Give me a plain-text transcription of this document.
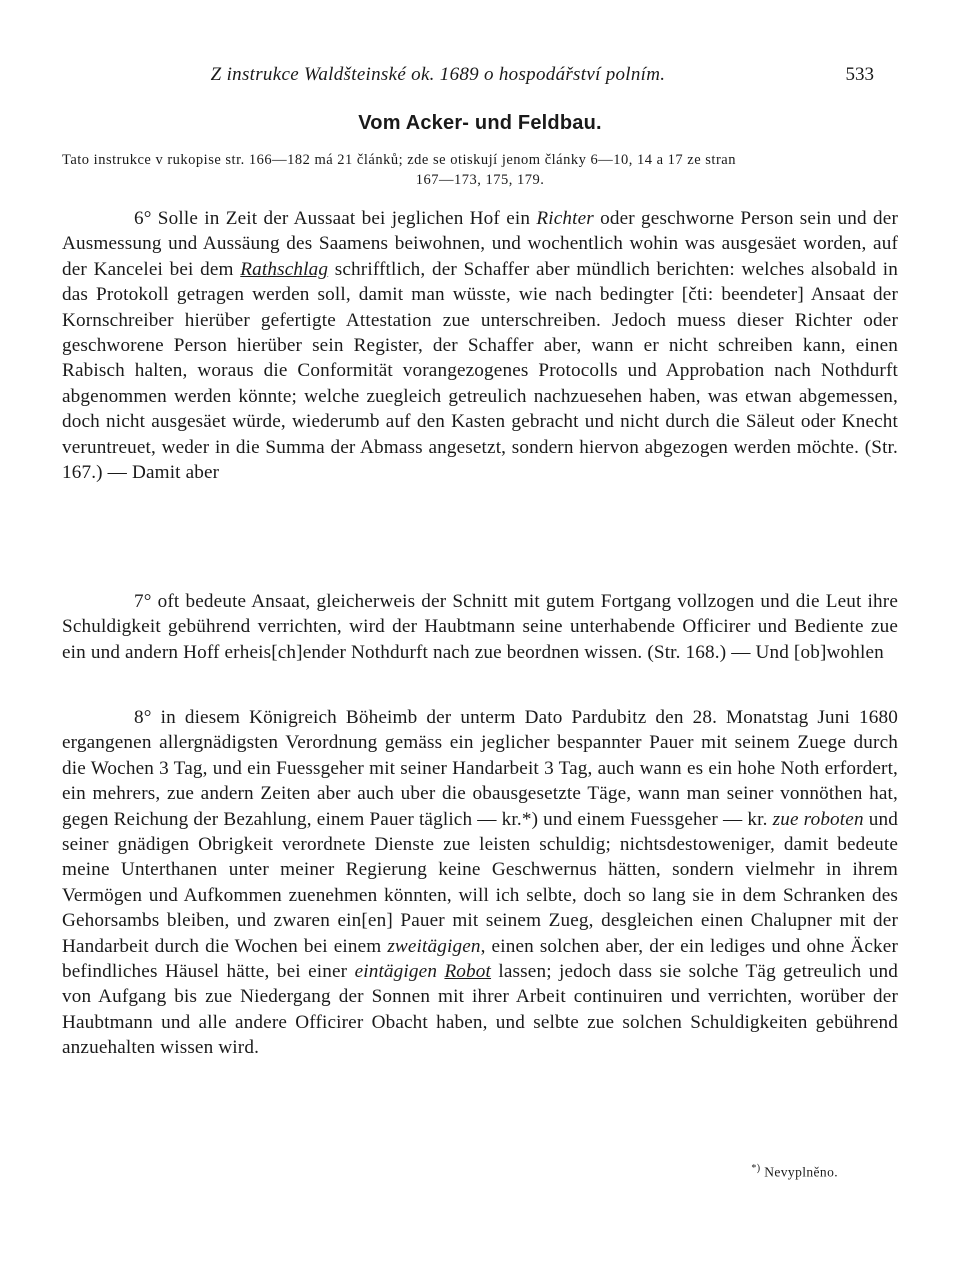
Z instrukce Waldšteinské ok. 1689 o hospodářství polním.	533
Vom Acker- und Feldbau.
Tato instrukce v rukopise str. 166—182 má 21 článků; zde se otiskují jenom články 6—10, 14 a 17 ze stran
167—173, 175, 179.

6° Solle in Zeit der Aussaat bei jeglichen Hof ein Richter oder geschworne Person sein und der Ausmessung und Aussäung des Saamens beiwohnen, und wochentlich wohin was ausgesäet worden, auf der Kancelei bei dem Rathschlag schrifftlich, der Schaffer aber mündlich berichten: welches alsobald in das Protokoll getragen werden soll, damit man wüsste, wie nach bedingter [čti: beendeter] Ansaat der Kornschreiber hierüber gefertigte Attestation zue unterschreiben. Jedoch muess dieser Richter oder geschworene Person hierüber sein Register, der Schaffer aber, wann er nicht schreiben kann, einen Rabisch halten, woraus die Conformität vorangezogenes Protocolls und Approbation nach Nothdurft abgenommen werden könnte; welche zuegleich getreulich nachzuesehen haben, was etwan abgemessen, doch nicht ausgesäet würde, wiederumb auf den Kasten gebracht und nicht durch die Säleut oder Knecht veruntreuet, weder in die Summa der Abmass angesetzt, sondern hiervon abgezogen werden möchte. (Str. 167.) — Damit aber

7° oft bedeute Ansaat, gleicherweis der Schnitt mit gutem Fortgang vollzogen und die Leut ihre Schuldigkeit gebührend verrichten, wird der Haubtmann seine unterhabende Officirer und Bediente zue ein und andern Hoff erheis[ch]ender Nothdurft nach zue beordnen wissen. (Str. 168.) — Und [ob]wohlen

8° in diesem Königreich Böheimb der unterm Dato Pardubitz den 28. Monatstag Juni 1680 ergangenen allergnädigsten Verordnung gemäss ein jeglicher bespannter Pauer mit seinem Zuege durch die Wochen 3 Tag, und ein Fuessgeher mit seiner Handarbeit 3 Tag, auch wann es ein hohe Noth erfordert, ein mehrers, zue andern Zeiten aber auch uber die obausgesetzte Täge, wann man seiner vonnöthen hat, gegen Reichung der Bezahlung, einem Pauer täglich — kr.*) und einem Fuessgeher — kr. zue roboten und seiner gnädigen Obrigkeit verordnete Dienste zue leisten schuldig; nichtsdestoweniger, damit bedeute meine Unterthanen unter meiner Regierung keine Geschwernus hätten, sondern vielmehr in ihrem Vermögen und Aufkommen zuenehmen könnten, will ich selbte, doch so lang sie in dem Schranken des Gehorsambs bleiben, und zwaren ein[en] Pauer mit seinem Zueg, desgleichen einen Chalupner mit der Handarbeit durch die Wochen bei einem zweitägigen, einen solchen aber, der ein lediges und ohne Äcker befindliches Häusel hätte, bei einer eintägigen Robot lassen; jedoch dass sie solche Täg getreulich und von Aufgang bis zue Niedergang der Sonnen mit ihrer Arbeit continuiren und verrichten, worüber der Haubtmann und alle andere Officirer Obacht haben, und selbte zue solchen Schuldigkeiten gebührend anzuehalten wissen wird.

*) Nevyplněno.
